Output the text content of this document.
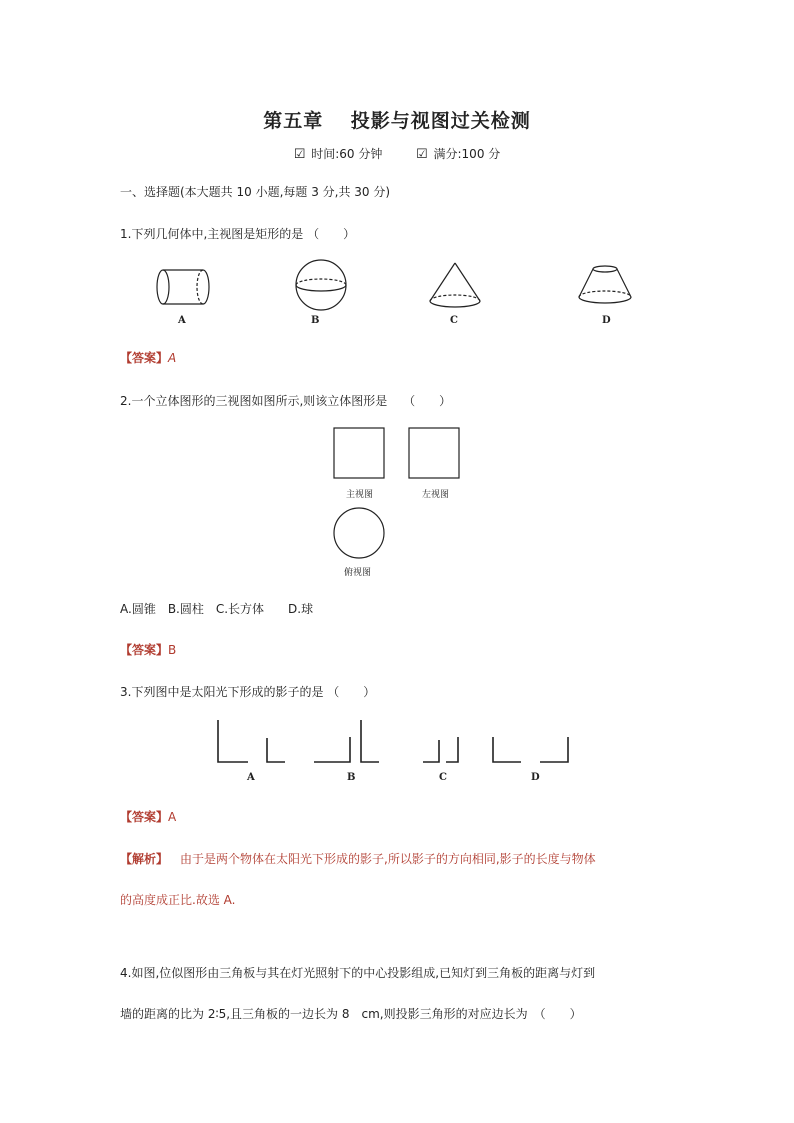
第五章　 投影与视图过关检测
☑ 时间:60 分钟	☑ 满分:100 分
一、选择题(本大题共 10 小题,每题 3 分,共 30 分)
1.下列几何体中,主视图是矩形的是 （　　）
A	B	C	D
【答案】A
2.一个立体图形的三视图如图所示,则该立体图形是　 （　　）
主视图	左视图
俯视图
A.圆锥　B.圆柱　C.长方体　　D.球
【答案】B
3.下列图中是太阳光下形成的影子的是 （　　）
A	B	C	D
【答案】A
【解析】 由于是两个物体在太阳光下形成的影子,所以影子的方向相同,影子的长度与物体
的高度成正比.故选 A.
4.如图,位似图形由三角板与其在灯光照射下的中心投影组成,已知灯到三角板的距离与灯到
墙的距离的比为 2∶5,且三角板的一边长为 8　cm,则投影三角形的对应边长为　（　　）
